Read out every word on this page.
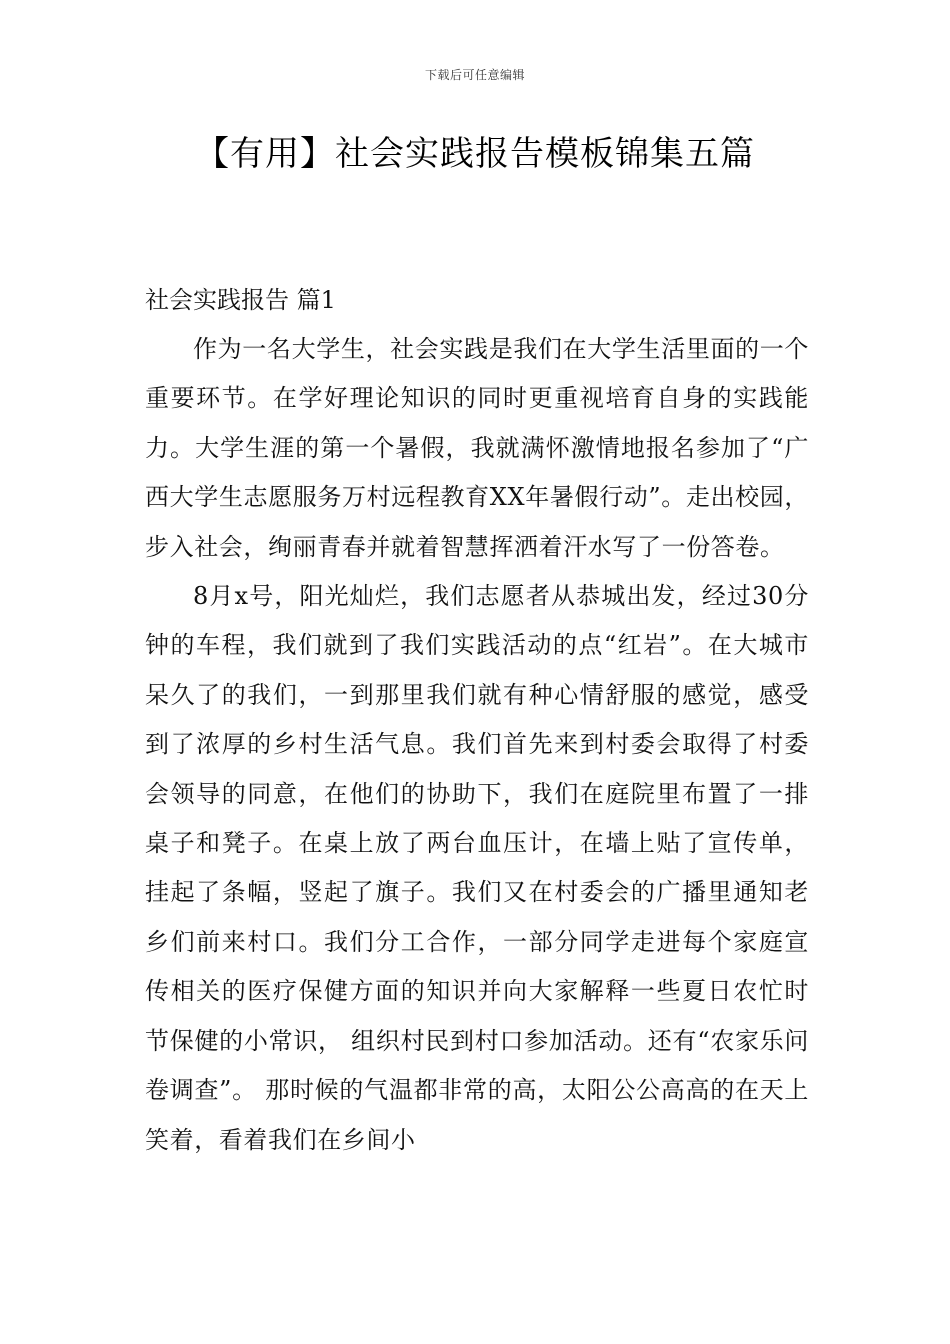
下载后可任意编辑
【有用】社会实践报告模板锦集五篇
社会实践报告 篇1

作为一名大学生，社会实践是我们在大学生活里面的一个重要环节。在学好理论知识的同时更重视培育自身的实践能力。大学生涯的第一个暑假，我就满怀激情地报名参加了“广西大学生志愿服务万村远程教育XX年暑假行动”。走出校园，步入社会，绚丽青春并就着智慧挥洒着汗水写了一份答卷。

8月x号，阳光灿烂，我们志愿者从恭城出发，经过30分钟的车程，我们就到了我们实践活动的点“红岩”。在大城市呆久了的我们，一到那里我们就有种心情舒服的感觉，感受到了浓厚的乡村生活气息。我们首先来到村委会取得了村委会领导的同意，在他们的协助下，我们在庭院里布置了一排桌子和凳子。在桌上放了两台血压计，在墙上贴了宣传单，挂起了条幅，竖起了旗子。我们又在村委会的广播里通知老乡们前来村口。我们分工合作，一部分同学走进每个家庭宣传相关的医疗保健方面的知识并向大家解释一些夏日农忙时节保健的小常识， 组织村民到村口参加活动。还有“农家乐问卷调查”。 那时候的气温都非常的高，太阳公公高高的在天上笑着，看着我们在乡间小
